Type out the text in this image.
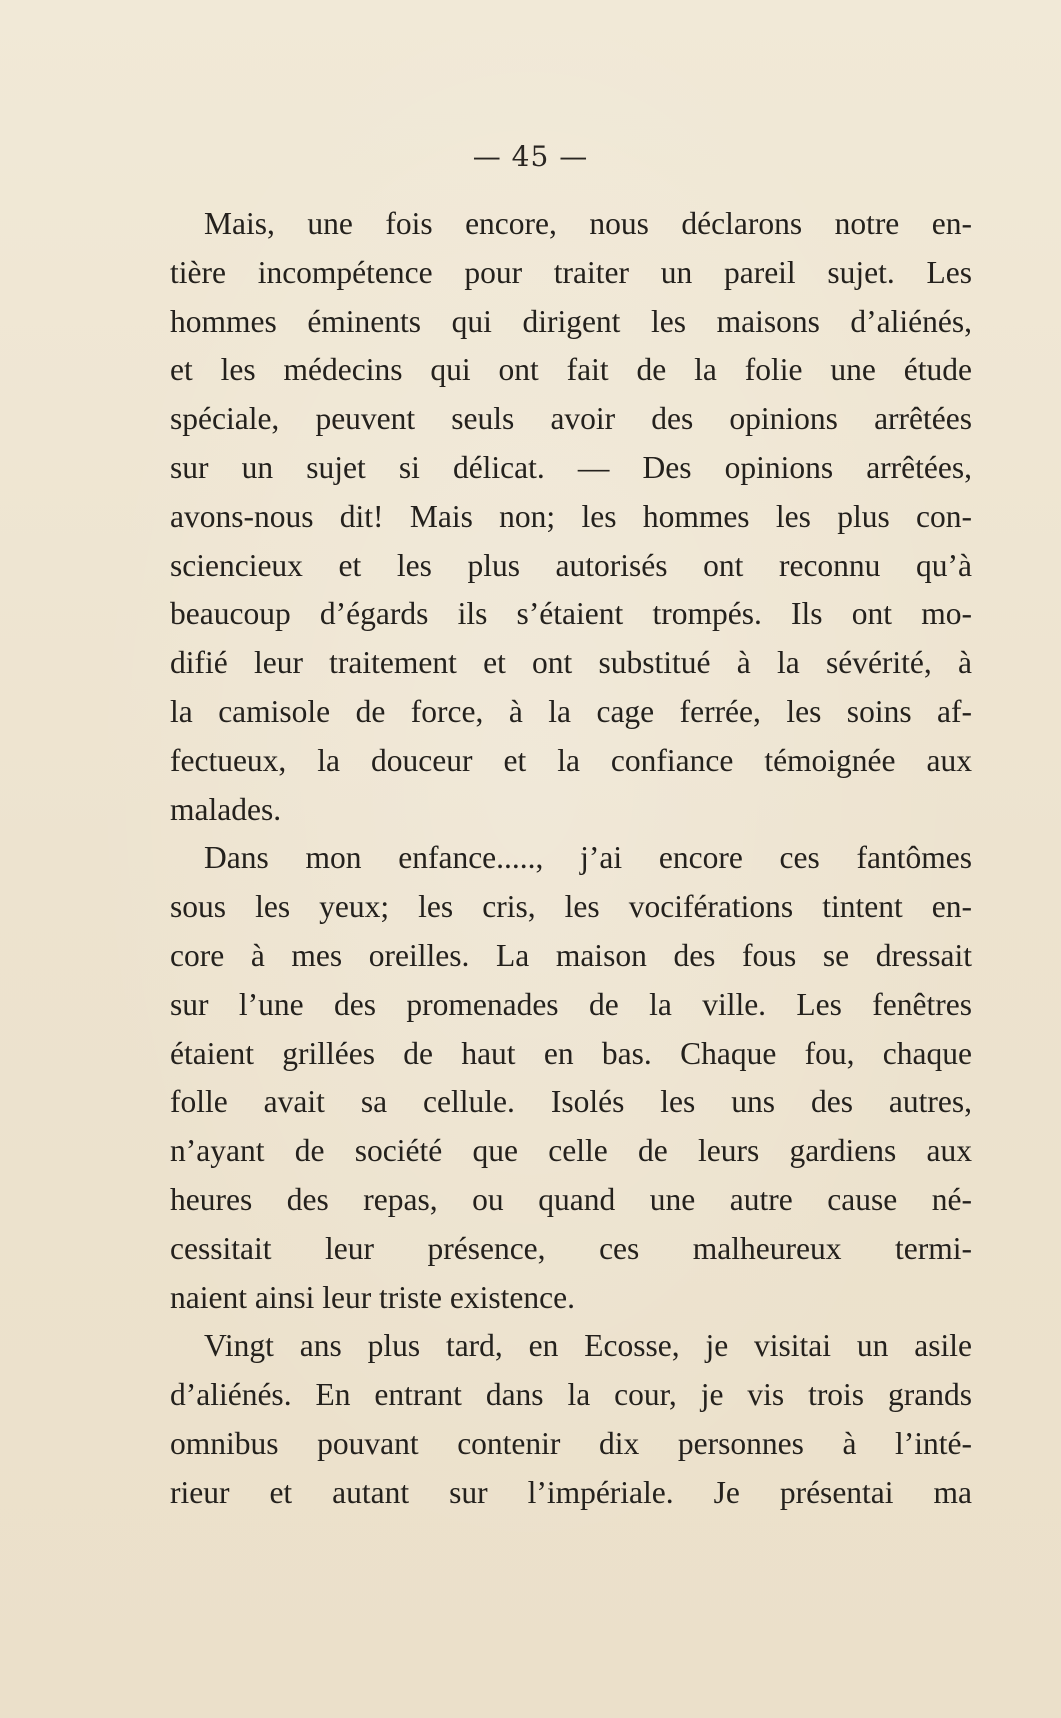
— 45 —
Mais, une fois encore, nous déclarons notre en-
tière incompétence pour traiter un pareil sujet. Les
hommes éminents qui dirigent les maisons d’aliénés,
et les médecins qui ont fait de la folie une étude
spéciale, peuvent seuls avoir des opinions arrêtées
sur un sujet si délicat. — Des opinions arrêtées,
avons-nous dit! Mais non; les hommes les plus con-
sciencieux et les plus autorisés ont reconnu qu’à
beaucoup d’égards ils s’étaient trompés. Ils ont mo-
difié leur traitement et ont substitué à la sévérité, à
la camisole de force, à la cage ferrée, les soins af-
fectueux, la douceur et la confiance témoignée aux
malades.
Dans mon enfance....., j’ai encore ces fantômes
sous les yeux; les cris, les vociférations tintent en-
core à mes oreilles. La maison des fous se dressait
sur l’une des promenades de la ville. Les fenêtres
étaient grillées de haut en bas. Chaque fou, chaque
folle avait sa cellule. Isolés les uns des autres,
n’ayant de société que celle de leurs gardiens aux
heures des repas, ou quand une autre cause né-
cessitait leur présence, ces malheureux termi-
naient ainsi leur triste existence.
Vingt ans plus tard, en Ecosse, je visitai un asile
d’aliénés. En entrant dans la cour, je vis trois grands
omnibus pouvant contenir dix personnes à l’inté-
rieur et autant sur l’impériale. Je présentai ma
